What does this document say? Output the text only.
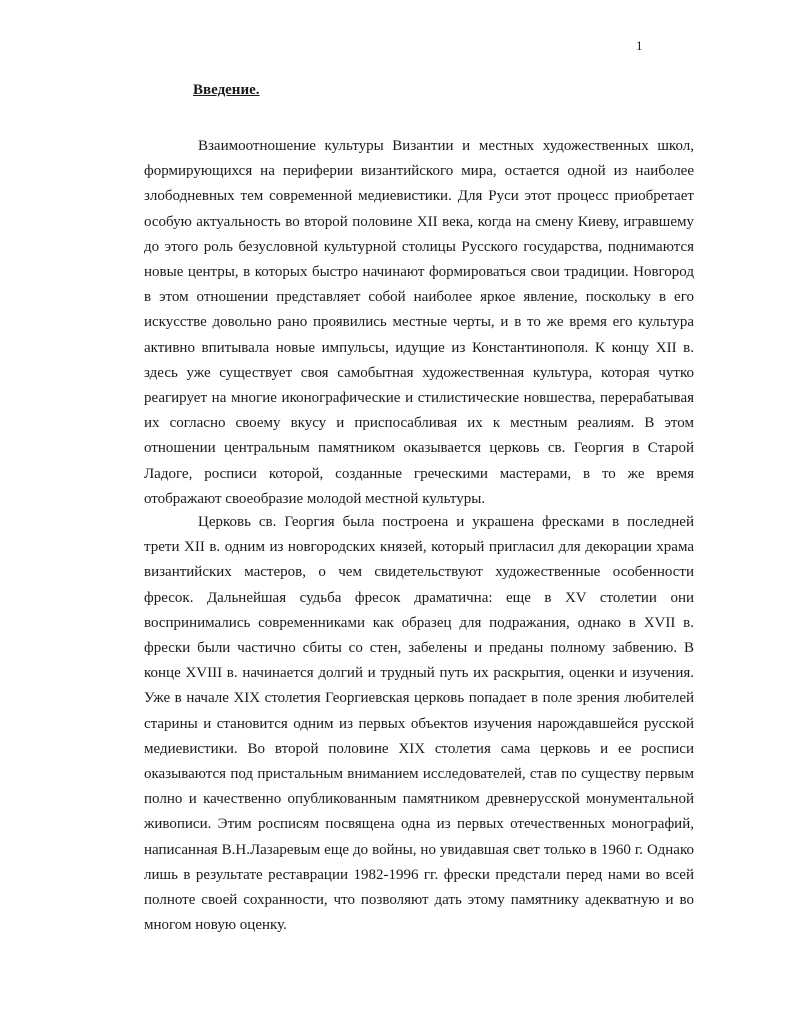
1
Введение.

Взаимоотношение культуры Византии и местных художественных школ, формирующихся на периферии византийского мира, остается одной из наиболее злободневных тем современной медиевистики. Для Руси этот процесс приобретает особую актуальность во второй половине XII века, когда на смену Киеву, игравшему до этого роль безусловной культурной столицы Русского государства, поднимаются новые центры, в которых быстро начинают формироваться свои традиции. Новгород в этом отношении представляет собой наиболее яркое явление, поскольку в его искусстве довольно рано проявились местные черты, и в то же время его культура активно впитывала новые импульсы, идущие из Константинополя. К концу XII в. здесь уже существует своя самобытная художественная культура, которая чутко реагирует на многие иконографические и стилистические новшества, перерабатывая их согласно своему вкусу и приспосабливая их к местным реалиям. В этом отношении центральным памятником оказывается церковь св. Георгия в Старой Ладоге, росписи которой, созданные греческими мастерами, в то же время отображают своеобразие молодой местной культуры.

Церковь св. Георгия была построена и украшена фресками в последней трети XII в. одним из новгородских князей, который пригласил для декорации храма византийских мастеров, о чем свидетельствуют художественные особенности фресок. Дальнейшая судьба фресок драматична: еще в XV столетии они воспринимались современниками как образец для подражания, однако в XVII в. фрески были частично сбиты со стен, забелены и преданы полному забвению. В конце XVIII в. начинается долгий и трудный путь их раскрытия, оценки и изучения. Уже в начале XIX столетия Георгиевская церковь попадает в поле зрения любителей старины и становится одним из первых объектов изучения нарождавшейся русской медиевистики. Во второй половине XIX столетия сама церковь и ее росписи оказываются под пристальным вниманием исследователей, став по существу первым полно и качественно опубликованным памятником древнерусской монументальной живописи. Этим росписям посвящена одна из первых отечественных монографий, написанная В.Н.Лазаревым еще до войны, но увидавшая свет только в 1960 г. Однако лишь в результате реставрации 1982-1996 гг. фрески предстали перед нами во всей полноте своей сохранности, что позволяют дать этому памятнику адекватную и во многом новую оценку.
